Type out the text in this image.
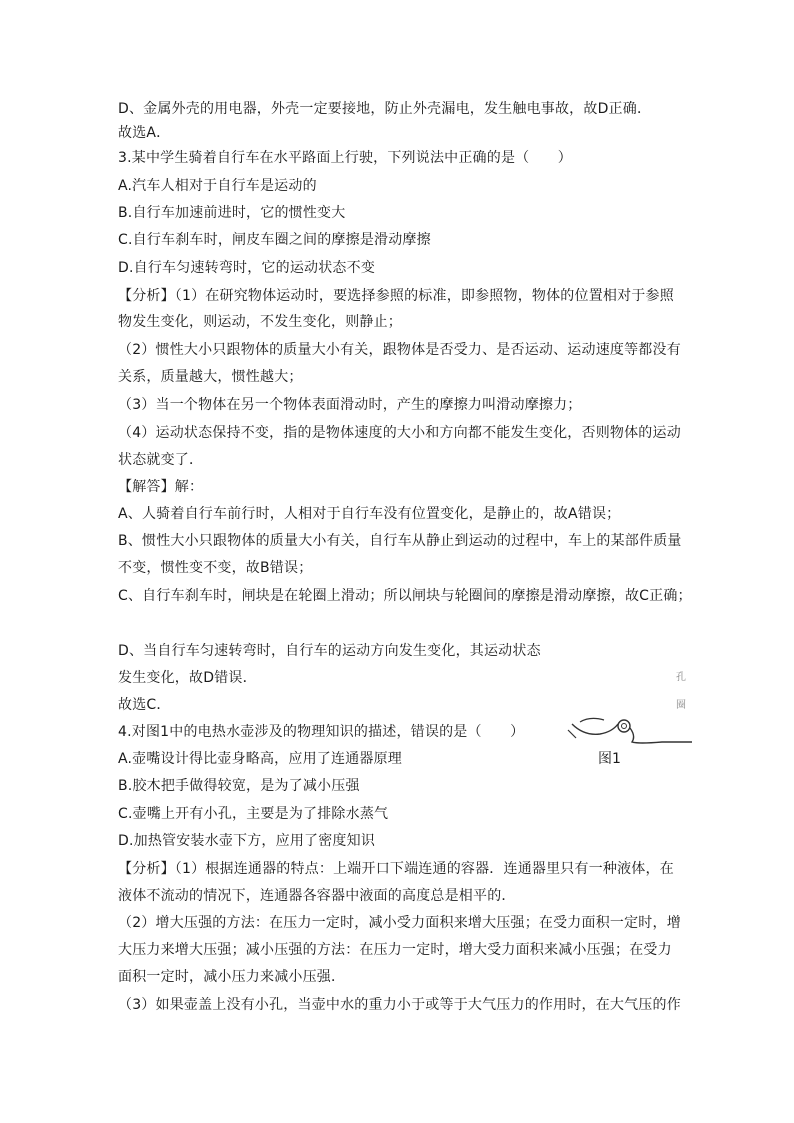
D、金属外壳的用电器，外壳一定要接地，防止外壳漏电，发生触电事故，故D正确．
故选A．
3.某中学生骑着自行车在水平路面上行驶，下列说法中正确的是（　　）
A.汽车人相对于自行车是运动的
B.自行车加速前进时，它的惯性变大
C.自行车刹车时，闸皮车圈之间的摩擦是滑动摩擦
D.自行车匀速转弯时，它的运动状态不变
【分析】（1）在研究物体运动时，要选择参照的标准，即参照物，物体的位置相对于参照
物发生变化，则运动，不发生变化，则静止；
（2）惯性大小只跟物体的质量大小有关，跟物体是否受力、是否运动、运动速度等都没有
关系，质量越大，惯性越大；
（3）当一个物体在另一个物体表面滑动时，产生的摩擦力叫滑动摩擦力；
（4）运动状态保持不变，指的是物体速度的大小和方向都不能发生变化，否则物体的运动
状态就变了．
【解答】解：
A、人骑着自行车前行时，人相对于自行车没有位置变化，是静止的，故A错误；
B、惯性大小只跟物体的质量大小有关，自行车从静止到运动的过程中，车上的某部件质量
不变，惯性变不变，故B错误；
C、自行车刹车时，闸块是在轮圈上滑动；所以闸块与轮圈间的摩擦是滑动摩擦，故C正确；
D、当自行车匀速转弯时，自行车的运动方向发生变化，其运动状态
发生变化，故D错误．
故选C．
4.对图1中的电热水壶涉及的物理知识的描述，错误的是（　　）
A.壶嘴设计得比壶身略高，应用了连通器原理
B.胶木把手做得较宽，是为了减小压强
C.壶嘴上开有小孔，主要是为了排除水蒸气
D.加热管安装水壶下方，应用了密度知识
【分析】（1）根据连通器的特点：上端开口下端连通的容器．连通器里只有一种液体，在
液体不流动的情况下，连通器各容器中液面的高度总是相平的．
（2）增大压强的方法：在压力一定时，减小受力面积来增大压强；在受力面积一定时，增
大压力来增大压强；减小压强的方法：在压力一定时，增大受力面积来减小压强；在受力
面积一定时，减小压力来减小压强．
（3）如果壶盖上没有小孔，当壶中水的重力小于或等于大气压力的作用时，在大气压的作
孔
圈
图1
